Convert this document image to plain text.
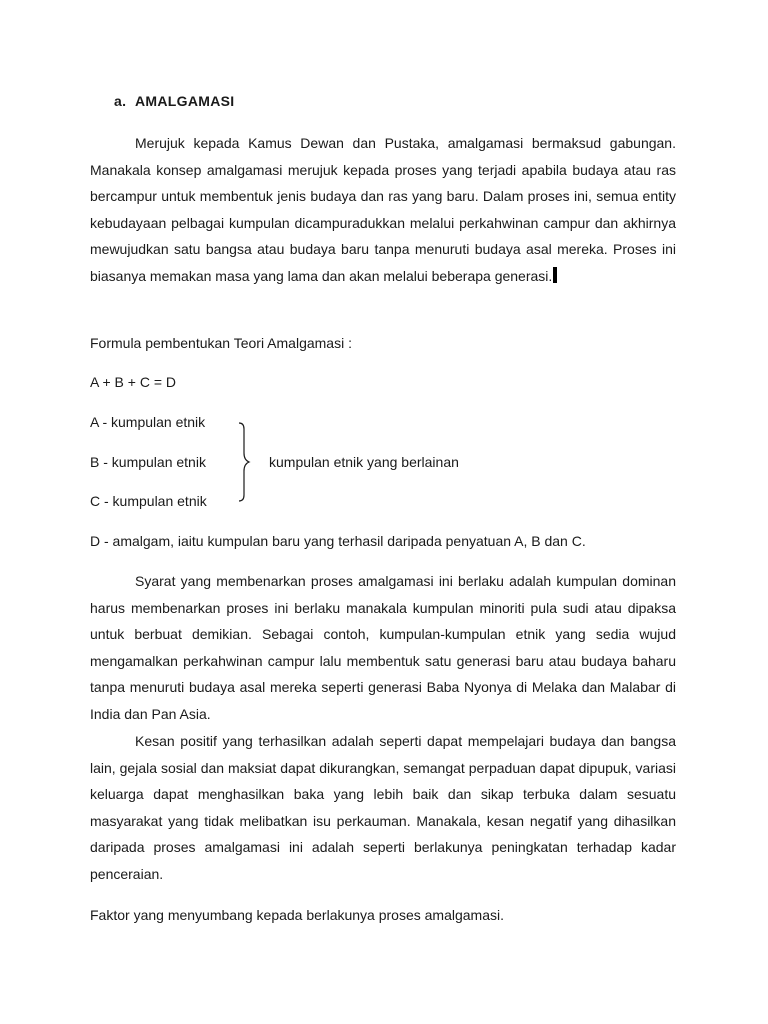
a. AMALGAMASI

Merujuk kepada Kamus Dewan dan Pustaka, amalgamasi bermaksud gabungan. Manakala konsep amalgamasi merujuk kepada proses yang terjadi apabila budaya atau ras bercampur untuk membentuk jenis budaya dan ras yang baru. Dalam proses ini, semua entity kebudayaan pelbagai kumpulan dicampuradukkan melalui perkahwinan campur dan akhirnya mewujudkan satu bangsa atau budaya baru tanpa menuruti budaya asal mereka. Proses ini biasanya memakan masa yang lama dan akan melalui beberapa generasi.

Formula pembentukan Teori Amalgamasi :
A + B + C = D
A - kumpulan etnik
B - kumpulan etnik
C - kumpulan etnik
kumpulan etnik yang berlainan
D - amalgam, iaitu kumpulan baru yang terhasil daripada penyatuan A, B dan C.

Syarat yang membenarkan proses amalgamasi ini berlaku adalah kumpulan dominan harus membenarkan proses ini berlaku manakala kumpulan minoriti pula sudi atau dipaksa untuk berbuat demikian. Sebagai contoh, kumpulan-kumpulan etnik yang sedia wujud mengamalkan perkahwinan campur lalu membentuk satu generasi baru atau budaya baharu tanpa menuruti budaya asal mereka seperti generasi Baba Nyonya di Melaka dan Malabar di India dan Pan Asia.

Kesan positif yang terhasilkan adalah seperti dapat mempelajari budaya dan bangsa lain, gejala sosial dan maksiat dapat dikurangkan, semangat perpaduan dapat dipupuk, variasi keluarga dapat menghasilkan baka yang lebih baik dan sikap terbuka dalam sesuatu masyarakat yang tidak melibatkan isu perkauman. Manakala, kesan negatif yang dihasilkan daripada proses amalgamasi ini adalah seperti berlakunya peningkatan terhadap kadar penceraian.

Faktor yang menyumbang kepada berlakunya proses amalgamasi.
